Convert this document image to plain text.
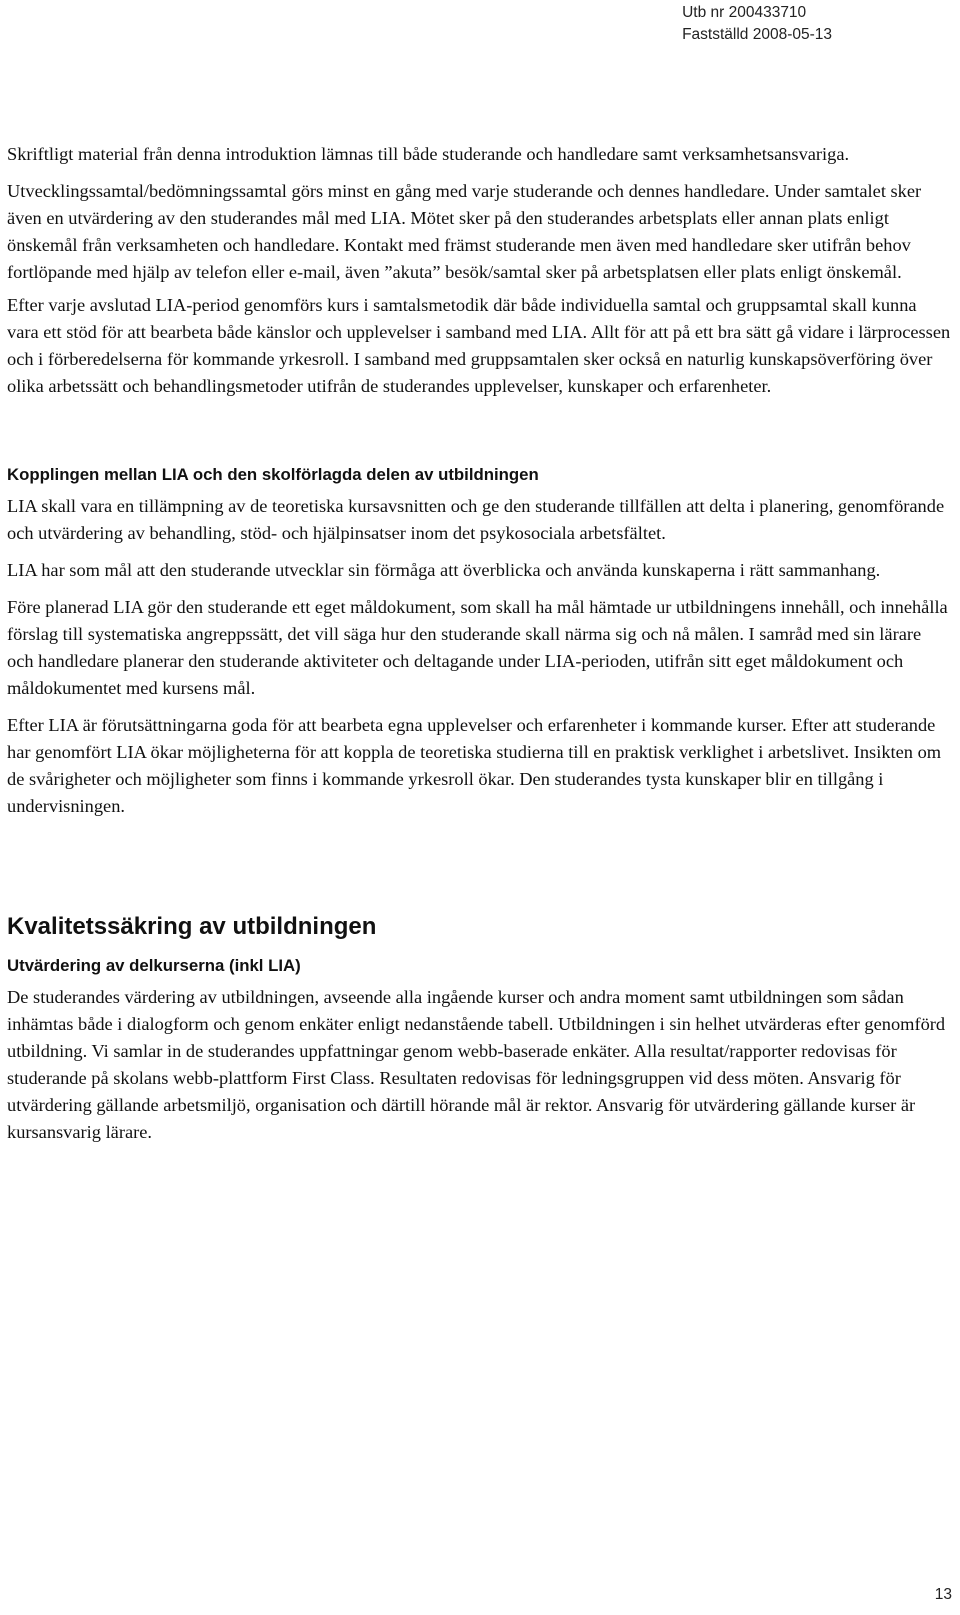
Utb nr 200433710
Fastställd 2008-05-13

Skriftligt material från denna introduktion lämnas till både studerande och handledare samt verksamhetsansvariga.

Utvecklingssamtal/bedömningssamtal görs minst en gång med varje studerande och dennes handledare. Under samtalet sker även en utvärdering av den studerandes mål med LIA. Mötet sker på den studerandes arbetsplats eller annan plats enligt önskemål från verksamheten och handledare. Kontakt med främst studerande men även med handledare sker utifrån behov fortlöpande med hjälp av telefon eller e-mail, även ”akuta” besök/samtal sker på arbetsplatsen eller plats enligt önskemål.

Efter varje avslutad LIA-period genomförs kurs i samtalsmetodik där både individuella samtal och gruppsamtal skall kunna vara ett stöd för att bearbeta både känslor och upplevelser i samband med LIA. Allt för att på ett bra sätt gå vidare i lärprocessen och i förberedelserna för kommande yrkesroll. I samband med gruppsamtalen sker också en naturlig kunskapsöverföring över olika arbetssätt och behandlingsmetoder utifrån de studerandes upplevelser, kunskaper och erfarenheter.

Kopplingen mellan LIA och den skolförlagda delen av utbildningen

LIA skall vara en tillämpning av de teoretiska kursavsnitten och ge den studerande tillfällen att delta i planering, genomförande och utvärdering av behandling, stöd- och hjälpinsatser inom det psykosociala arbetsfältet.

LIA har som mål att den studerande utvecklar sin förmåga att överblicka och använda kunskaperna i rätt sammanhang.

Före planerad LIA gör den studerande ett eget måldokument, som skall ha mål hämtade ur utbildningens innehåll, och innehålla förslag till systematiska angreppssätt, det vill säga hur den studerande skall närma sig och nå målen. I samråd med sin lärare och handledare planerar den studerande aktiviteter och deltagande under LIA-perioden, utifrån sitt eget måldokument och måldokumentet med kursens mål.

Efter LIA är förutsättningarna goda för att bearbeta egna upplevelser och erfarenheter i kommande kurser. Efter att studerande har genomfört LIA ökar möjligheterna för att koppla de teoretiska studierna till en praktisk verklighet i arbetslivet. Insikten om de svårigheter och möjligheter som finns i kommande yrkesroll ökar. Den studerandes tysta kunskaper blir en tillgång i undervisningen.

Kvalitetssäkring av utbildningen
Utvärdering av delkurserna (inkl LIA)

De studerandes värdering av utbildningen, avseende alla ingående kurser och andra moment samt utbildningen som sådan inhämtas både i dialogform och genom enkäter enligt nedanstående tabell. Utbildningen i sin helhet utvärderas efter genomförd utbildning. Vi samlar in de studerandes uppfattningar genom webb-baserade enkäter. Alla resultat/rapporter redovisas för studerande på skolans webb-plattform First Class. Resultaten redovisas för ledningsgruppen vid dess möten. Ansvarig för utvärdering gällande arbetsmiljö, organisation och därtill hörande mål är rektor. Ansvarig för utvärdering gällande kurser är kursansvarig lärare.

13
